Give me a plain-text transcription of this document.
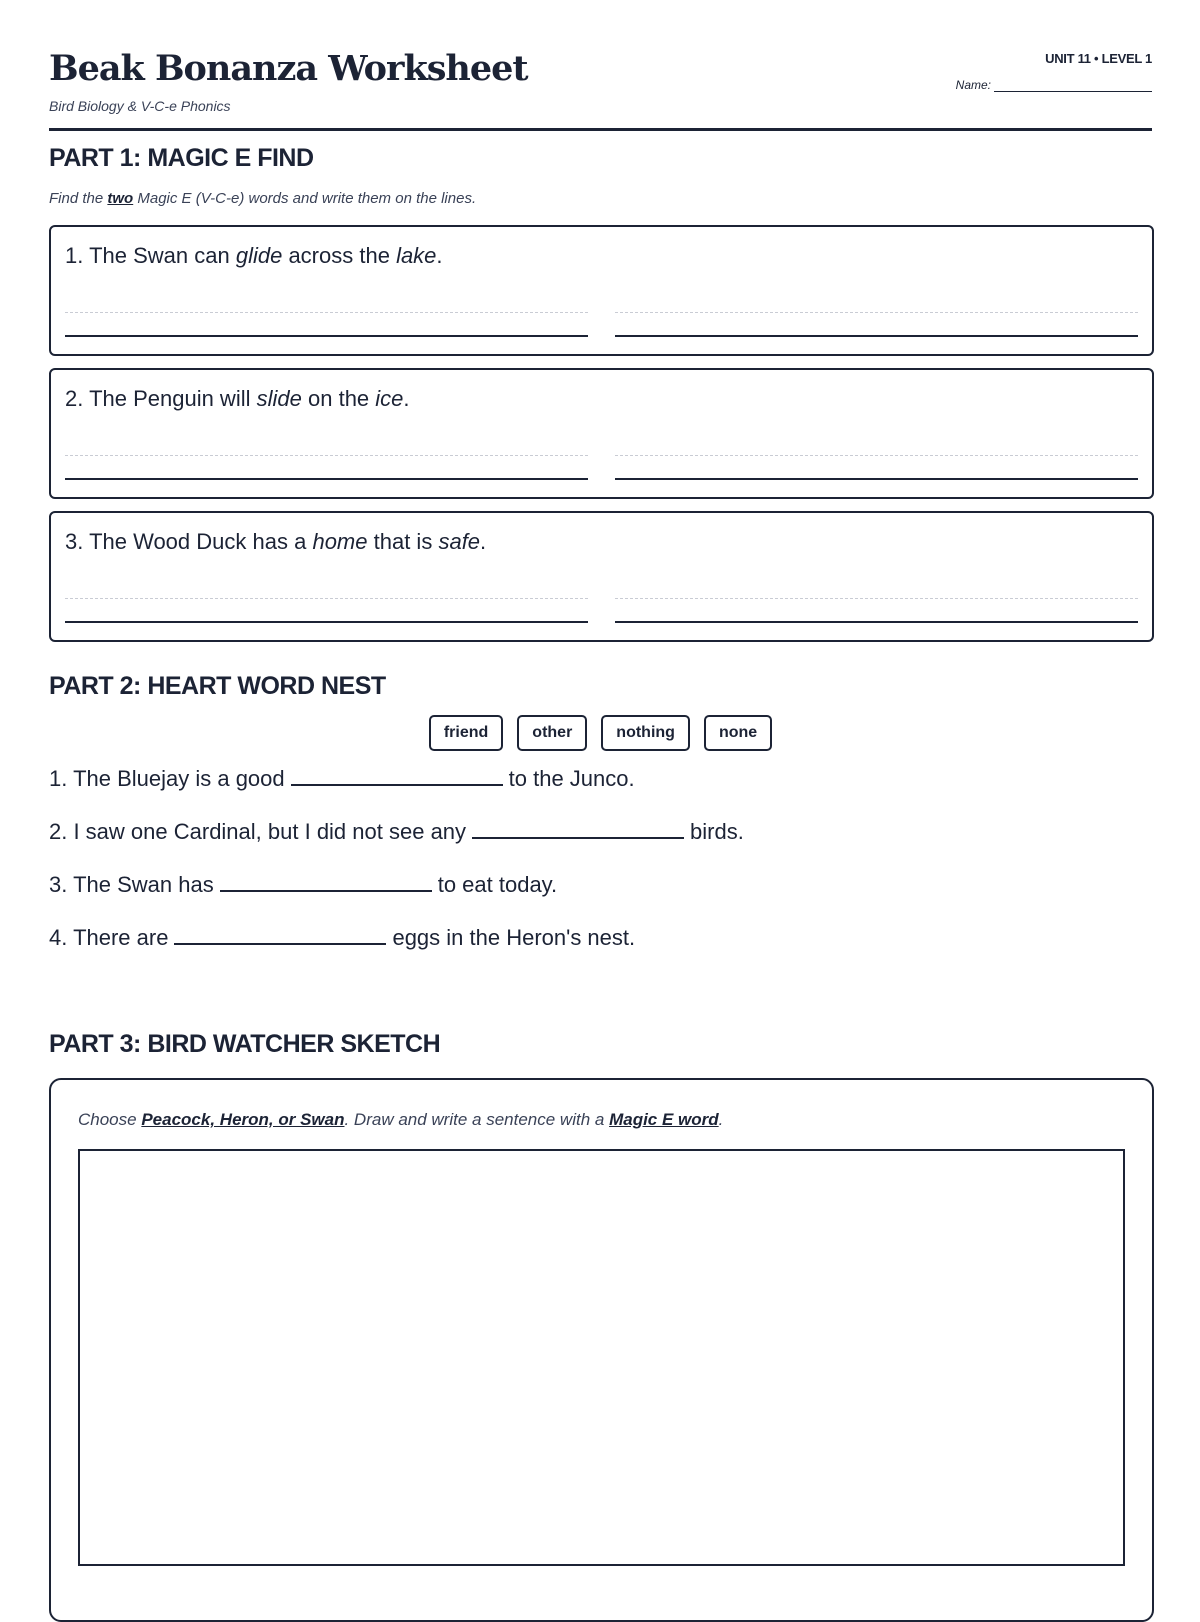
Beak Bonanza Worksheet
Bird Biology & V-C-e Phonics
UNIT 11 • LEVEL 1
Name:
PART 1: MAGIC E FIND
Find the two Magic E (V-C-e) words and write them on the lines.
1. The Swan can glide across the lake.
2. The Penguin will slide on the ice.
3. The Wood Duck has a home that is safe.
PART 2: HEART WORD NEST
friend	other	nothing	none
1. The Bluejay is a good	to the Junco.
2. I saw one Cardinal, but I did not see any	birds.
3. The Swan has	to eat today.
4. There are	eggs in the Heron's nest.
PART 3: BIRD WATCHER SKETCH
Choose Peacock, Heron, or Swan. Draw and write a sentence with a Magic E word.
